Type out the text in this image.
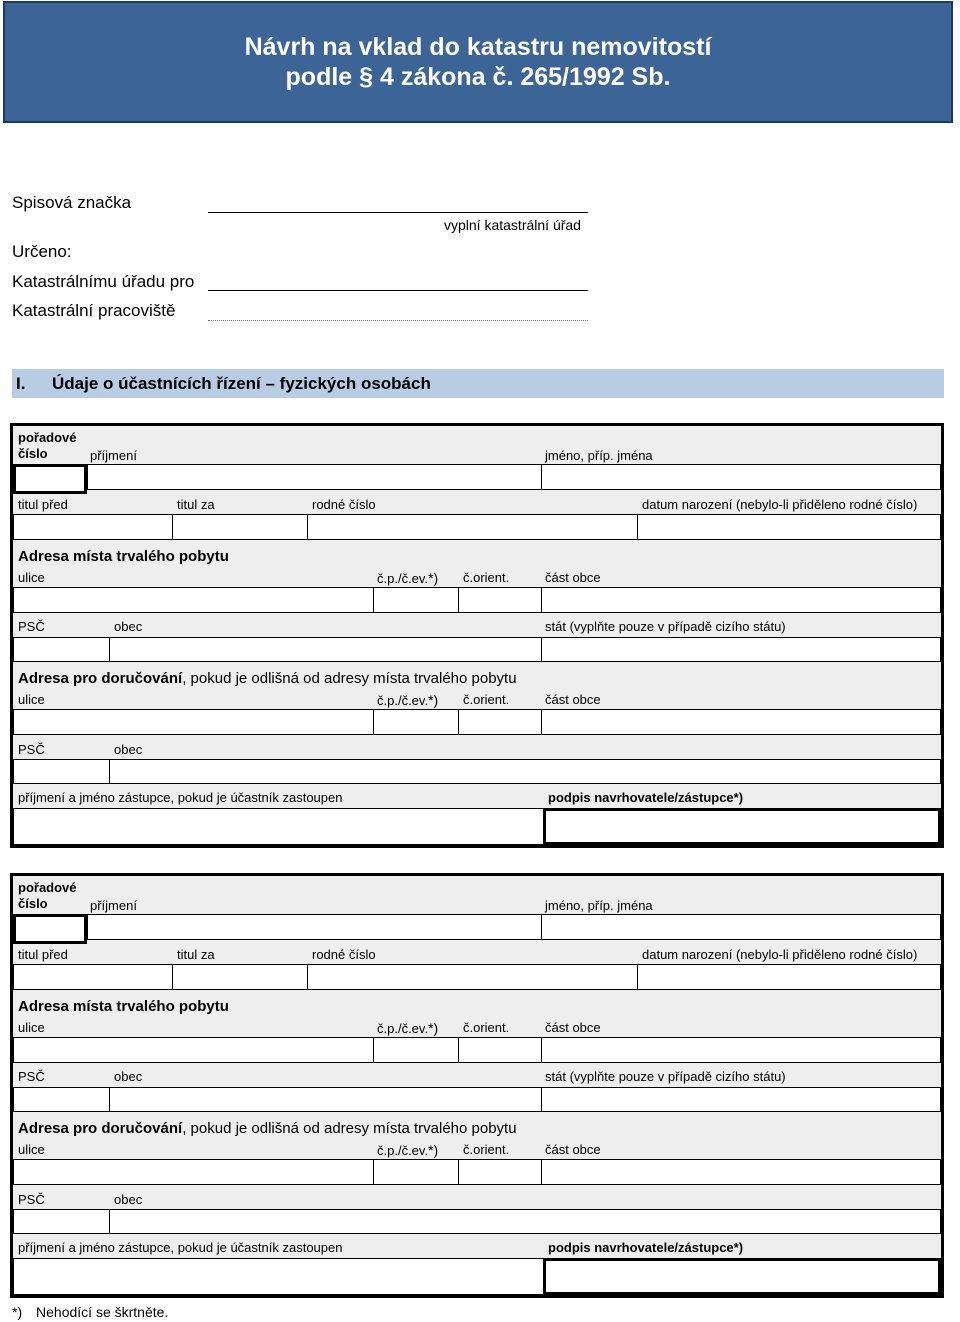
Návrh na vklad do katastru nemovitostí
podle § 4 zákona č. 265/1992 Sb.
Spisová značka
vyplní katastrální úřad
Určeno:
Katastrálnímu úřadu pro
Katastrální pracoviště
I.	Údaje o účastnících řízení – fyzických osobách
pořadové
číslo	příjmení	jméno, příp. jména
titul před	titul za	rodné číslo	datum narození (nebylo-li přiděleno rodné číslo)
Adresa místa trvalého pobytu
ulice	č.p./č.ev.*) č.orient.	část obce
PSČ	obec	stát (vyplňte pouze v případě cizího státu)
Adresa pro doručování, pokud je odlišná od adresy místa trvalého pobytu
ulice	č.p./č.ev.*) č.orient.	část obce
PSČ	obec
příjmení a jméno zástupce, pokud je účastník zastoupen	podpis navrhovatele/zástupce*)
pořadové
číslo	příjmení	jméno, příp. jména
titul před	titul za	rodné číslo	datum narození (nebylo-li přiděleno rodné číslo)
Adresa místa trvalého pobytu
ulice	č.p./č.ev.*) č.orient.	část obce
PSČ	obec	stát (vyplňte pouze v případě cizího státu)
Adresa pro doručování, pokud je odlišná od adresy místa trvalého pobytu
ulice	č.p./č.ev.*) č.orient.	část obce
PSČ	obec
příjmení a jméno zástupce, pokud je účastník zastoupen	podpis navrhovatele/zástupce*)
*) Nehodící se škrtněte.
